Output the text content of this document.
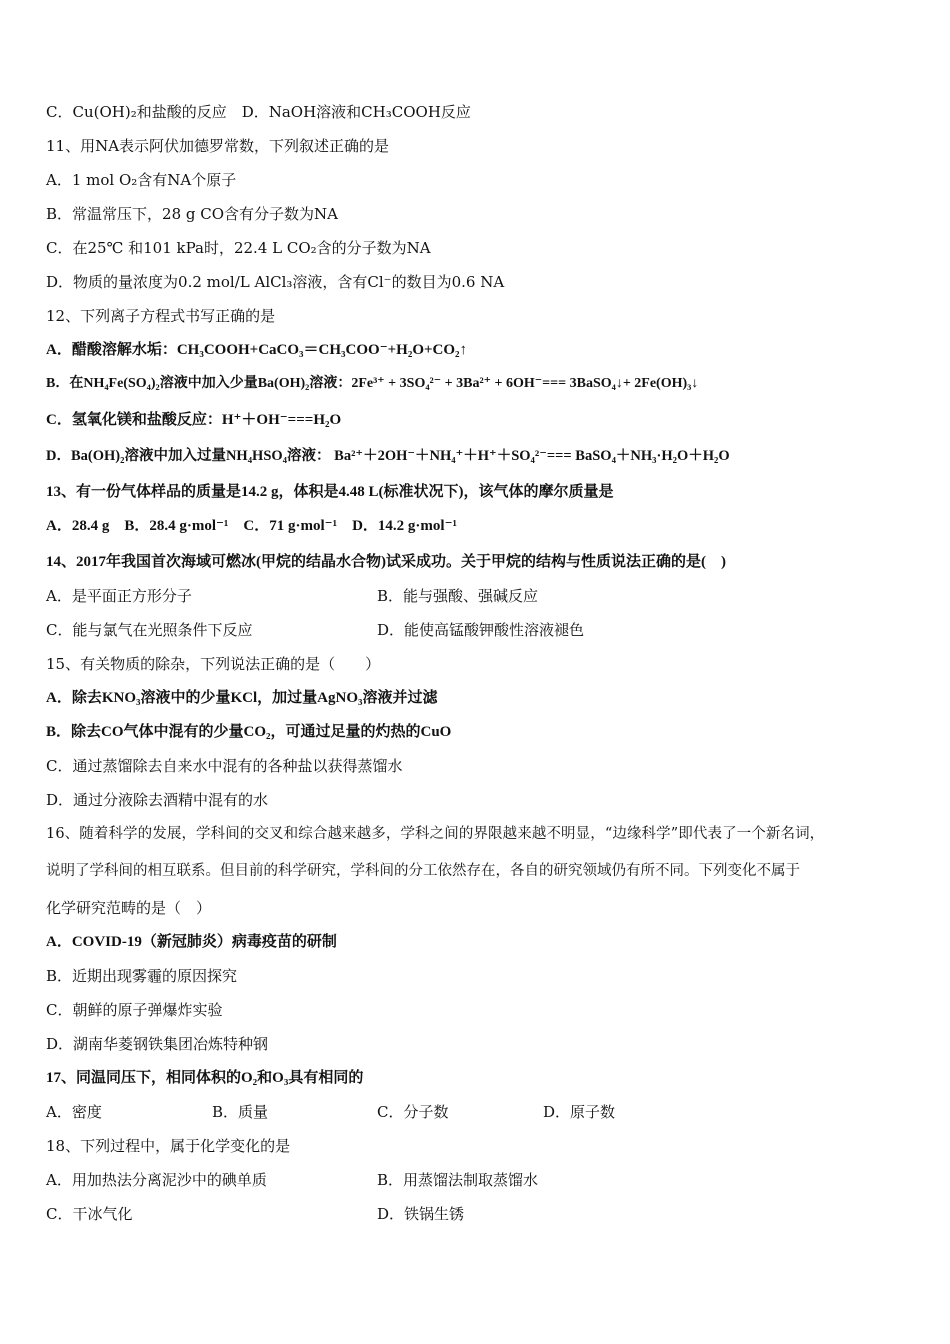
C．Cu(OH)₂和盐酸的反应　D．NaOH溶液和CH₃COOH反应
11、用NA表示阿伏加德罗常数，下列叙述正确的是
A．1 mol O₂含有NA个原子
B．常温常压下，28 g CO含有分子数为NA
C．在25℃ 和101 kPa时，22.4 L CO₂含的分子数为NA
D．物质的量浓度为0.2 mol/L AlCl₃溶液，含有Cl⁻的数目为0.6 NA
12、下列离子方程式书写正确的是
A．醋酸溶解水垢：CH₃COOH+CaCO₃＝CH₃COO⁻+H₂O+CO₂↑
B．在NH₄Fe(SO₄)₂溶液中加入少量Ba(OH)₂溶液：2Fe³⁺ + 3SO₄²⁻ + 3Ba²⁺ + 6OH⁻=== 3BaSO₄↓+ 2Fe(OH)₃↓
C．氢氧化镁和盐酸反应：H⁺＋OH⁻===H₂O
D．Ba(OH)₂溶液中加入过量NH₄HSO₄溶液： Ba²⁺＋2OH⁻＋NH₄⁺＋H⁺＋SO₄²⁻=== BaSO₄＋NH₃·H₂O＋H₂O
13、有一份气体样品的质量是14.2 g，体积是4.48 L(标准状况下)，该气体的摩尔质量是
A．28.4 g　B．28.4 g·mol⁻¹　C．71 g·mol⁻¹　D．14.2 g·mol⁻¹
14、2017年我国首次海域可燃冰(甲烷的结晶水合物)试采成功。关于甲烷的结构与性质说法正确的是(　)
A．是平面正方形分子	B．能与强酸、强碱反应
C．能与氯气在光照条件下反应	D．能使高锰酸钾酸性溶液褪色
15、有关物质的除杂，下列说法正确的是（　　）
A．除去KNO₃溶液中的少量KCl，加过量AgNO₃溶液并过滤
B．除去CO气体中混有的少量CO₂，可通过足量的灼热的CuO
C．通过蒸馏除去自来水中混有的各种盐以获得蒸馏水
D．通过分液除去酒精中混有的水
16、随着科学的发展，学科间的交叉和综合越来越多，学科之间的界限越来越不明显，“边缘科学”即代表了一个新名词，
说明了学科间的相互联系。但目前的科学研究，学科间的分工依然存在，各自的研究领域仍有所不同。下列变化不属于
化学研究范畴的是（　）
A．COVID-19（新冠肺炎）病毒疫苗的研制
B．近期出现雾霾的原因探究
C．朝鲜的原子弹爆炸实验
D．湖南华菱钢铁集团冶炼特种钢
17、同温同压下，相同体积的O₂和O₃具有相同的
A．密度	B．质量	C．分子数	D．原子数
18、下列过程中，属于化学变化的是
A．用加热法分离泥沙中的碘单质	B．用蒸馏法制取蒸馏水
C．干冰气化	D．铁锅生锈
